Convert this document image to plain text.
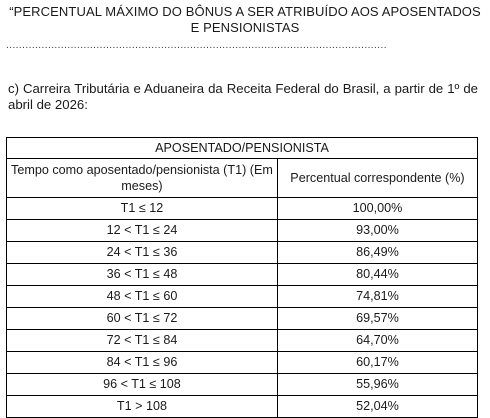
“PERCENTUAL MÁXIMO DO BÔNUS A SER ATRIBUÍDO AOS APOSENTADOS
E PENSIONISTAS
......................................................................................................................
c) Carreira Tributária e Aduaneira da Receita Federal do Brasil, a partir de 1º de abril de 2026:
APOSENTADO/PENSIONISTA	
Tempo como aposentado/pensionista (T1) (Em meses)	Percentual correspondente (%)
T1 ≤ 12	100,00%
12 < T1 ≤ 24	93,00%
24 < T1 ≤ 36	86,49%
36 < T1 ≤ 48	80,44%
48 < T1 ≤ 60	74,81%
60 < T1 ≤ 72	69,57%
72 < T1 ≤ 84	64,70%
84 < T1 ≤ 96	60,17%
96 < T1 ≤ 108	55,96%
T1 > 108	52,04%
